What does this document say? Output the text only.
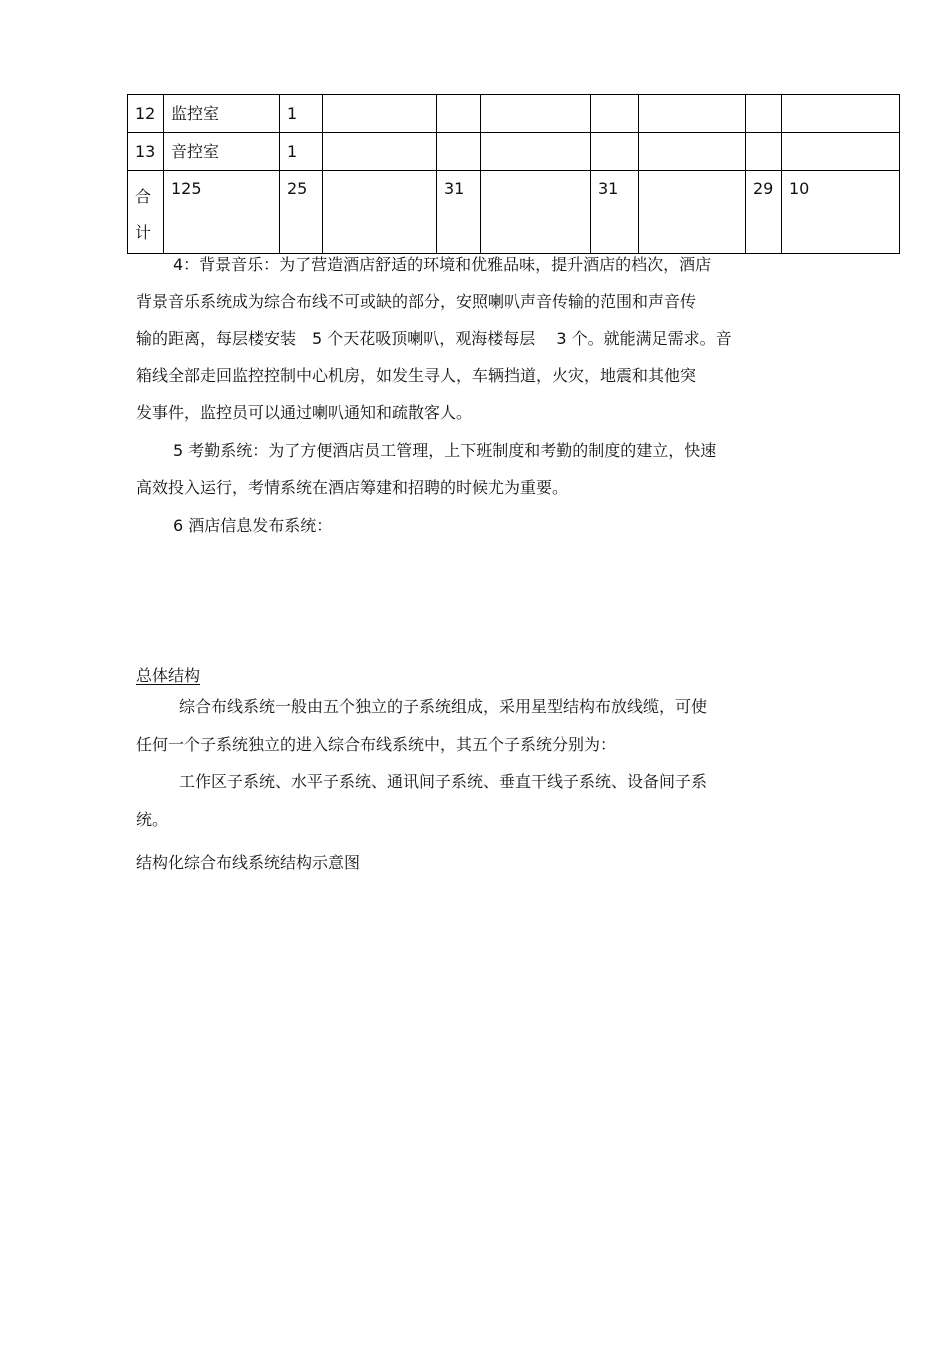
12	监控室	1							
13	音控室	1							

合
计	125	25		31		31		29	10
4：背景音乐：为了营造酒店舒适的环境和优雅品味，提升酒店的档次，酒店
背景音乐系统成为综合布线不可或缺的部分，安照喇叭声音传输的范围和声音传
输的距离，每层楼安装　5 个天花吸顶喇叭，观海楼每层　 3 个。就能满足需求。音
箱线全部走回监控控制中心机房，如发生寻人，车辆挡道，火灾，地震和其他突
发事件，监控员可以通过喇叭通知和疏散客人。
5 考勤系统：为了方便酒店员工管理，上下班制度和考勤的制度的建立，快速
高效投入运行，考情系统在酒店筹建和招聘的时候尤为重要。
6 酒店信息发布系统：
总体结构
综合布线系统一般由五个独立的子系统组成，采用星型结构布放线缆，可使
任何一个子系统独立的进入综合布线系统中，其五个子系统分别为：
工作区子系统、水平子系统、通讯间子系统、垂直干线子系统、设备间子系
统。
结构化综合布线系统结构示意图
